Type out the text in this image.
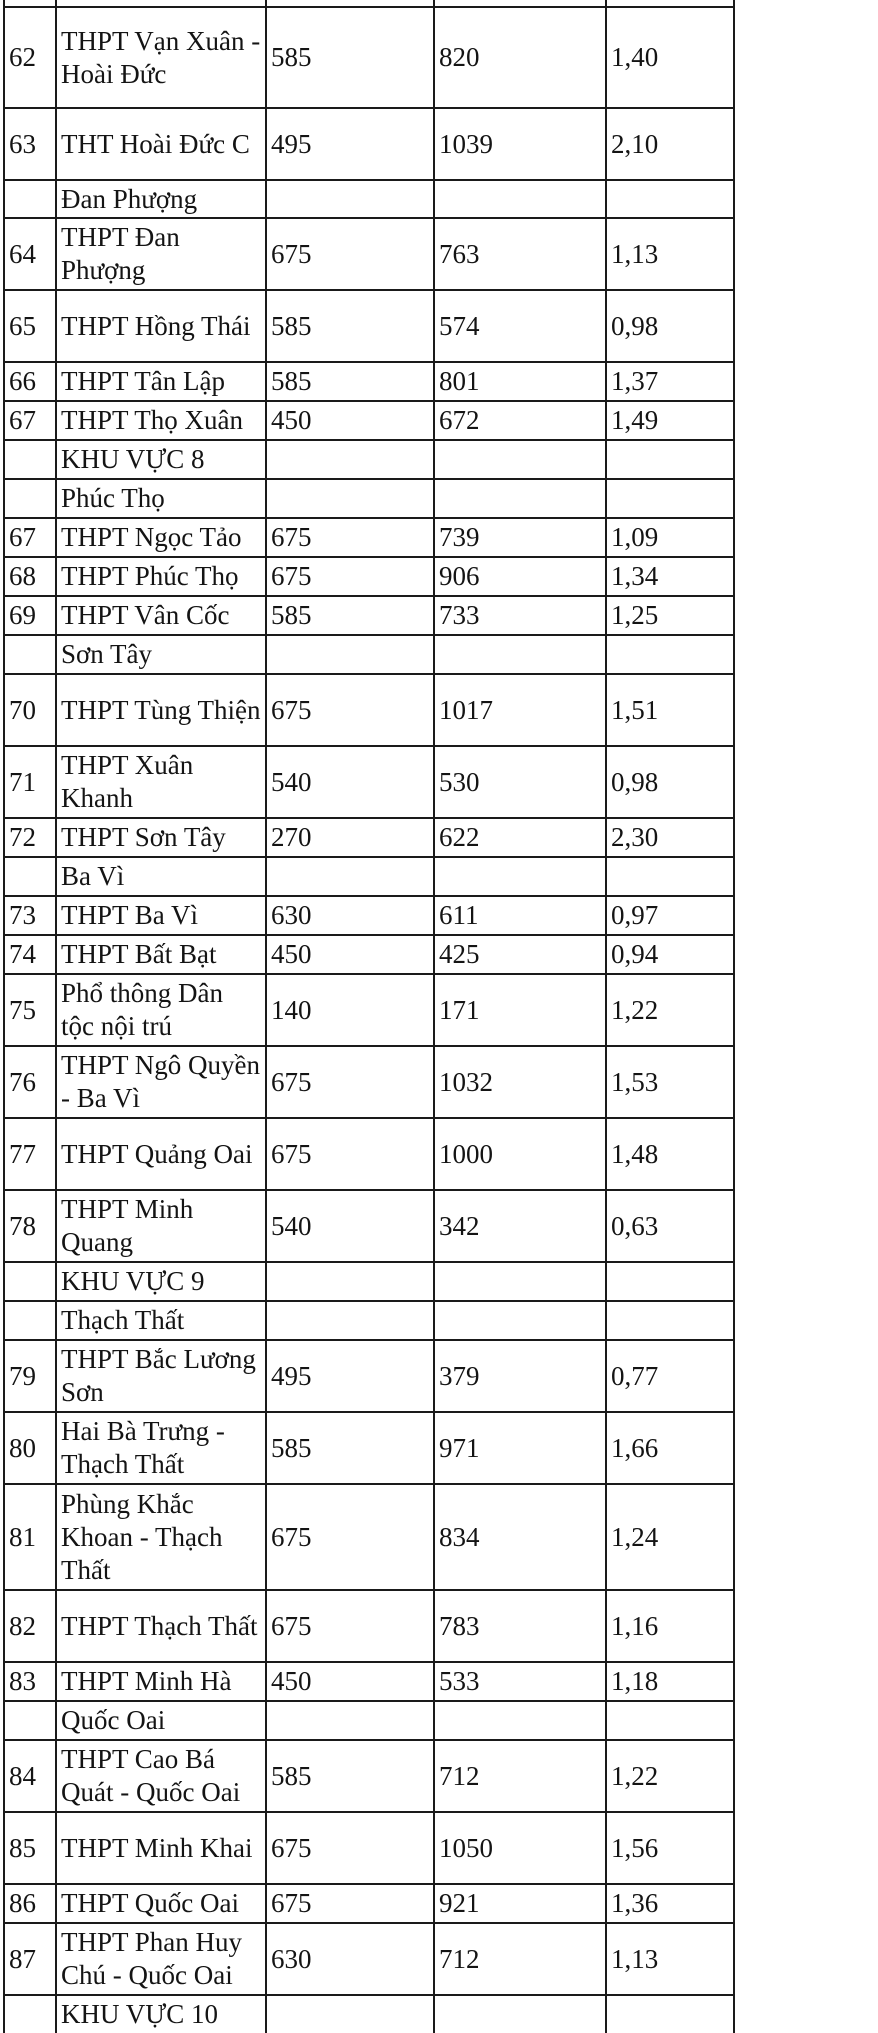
62	THPT Vạn Xuân - Hoài Đức	585	820	1,40
63	THT Hoài Đức C	495	1039	2,10
	Đan Phượng			
64	THPT Đan Phượng	675	763	1,13
65	THPT Hồng Thái	585	574	0,98
66	THPT Tân Lập	585	801	1,37
67	THPT Thọ Xuân	450	672	1,49
	KHU VỰC 8			
	Phúc Thọ			
67	THPT Ngọc Tảo	675	739	1,09
68	THPT Phúc Thọ	675	906	1,34
69	THPT Vân Cốc	585	733	1,25
	Sơn Tây			
70	THPT Tùng Thiện	675	1017	1,51
71	THPT Xuân Khanh	540	530	0,98
72	THPT Sơn Tây	270	622	2,30
	Ba Vì			
73	THPT Ba Vì	630	611	0,97
74	THPT Bất Bạt	450	425	0,94
75	Phổ thông Dân tộc nội trú	140	171	1,22
76	THPT Ngô Quyền - Ba Vì	675	1032	1,53
77	THPT Quảng Oai	675	1000	1,48
78	THPT Minh Quang	540	342	0,63
	KHU VỰC 9			
	Thạch Thất			
79	THPT Bắc Lương Sơn	495	379	0,77
80	Hai Bà Trưng - Thạch Thất	585	971	1,66
81	Phùng Khắc Khoan - Thạch Thất	675	834	1,24
82	THPT Thạch Thất	675	783	1,16
83	THPT Minh Hà	450	533	1,18
	Quốc Oai			
84	THPT Cao Bá Quát - Quốc Oai	585	712	1,22
85	THPT Minh Khai	675	1050	1,56
86	THPT Quốc Oai	675	921	1,36
87	THPT Phan Huy Chú - Quốc Oai	630	712	1,13
	KHU VỰC 10			
